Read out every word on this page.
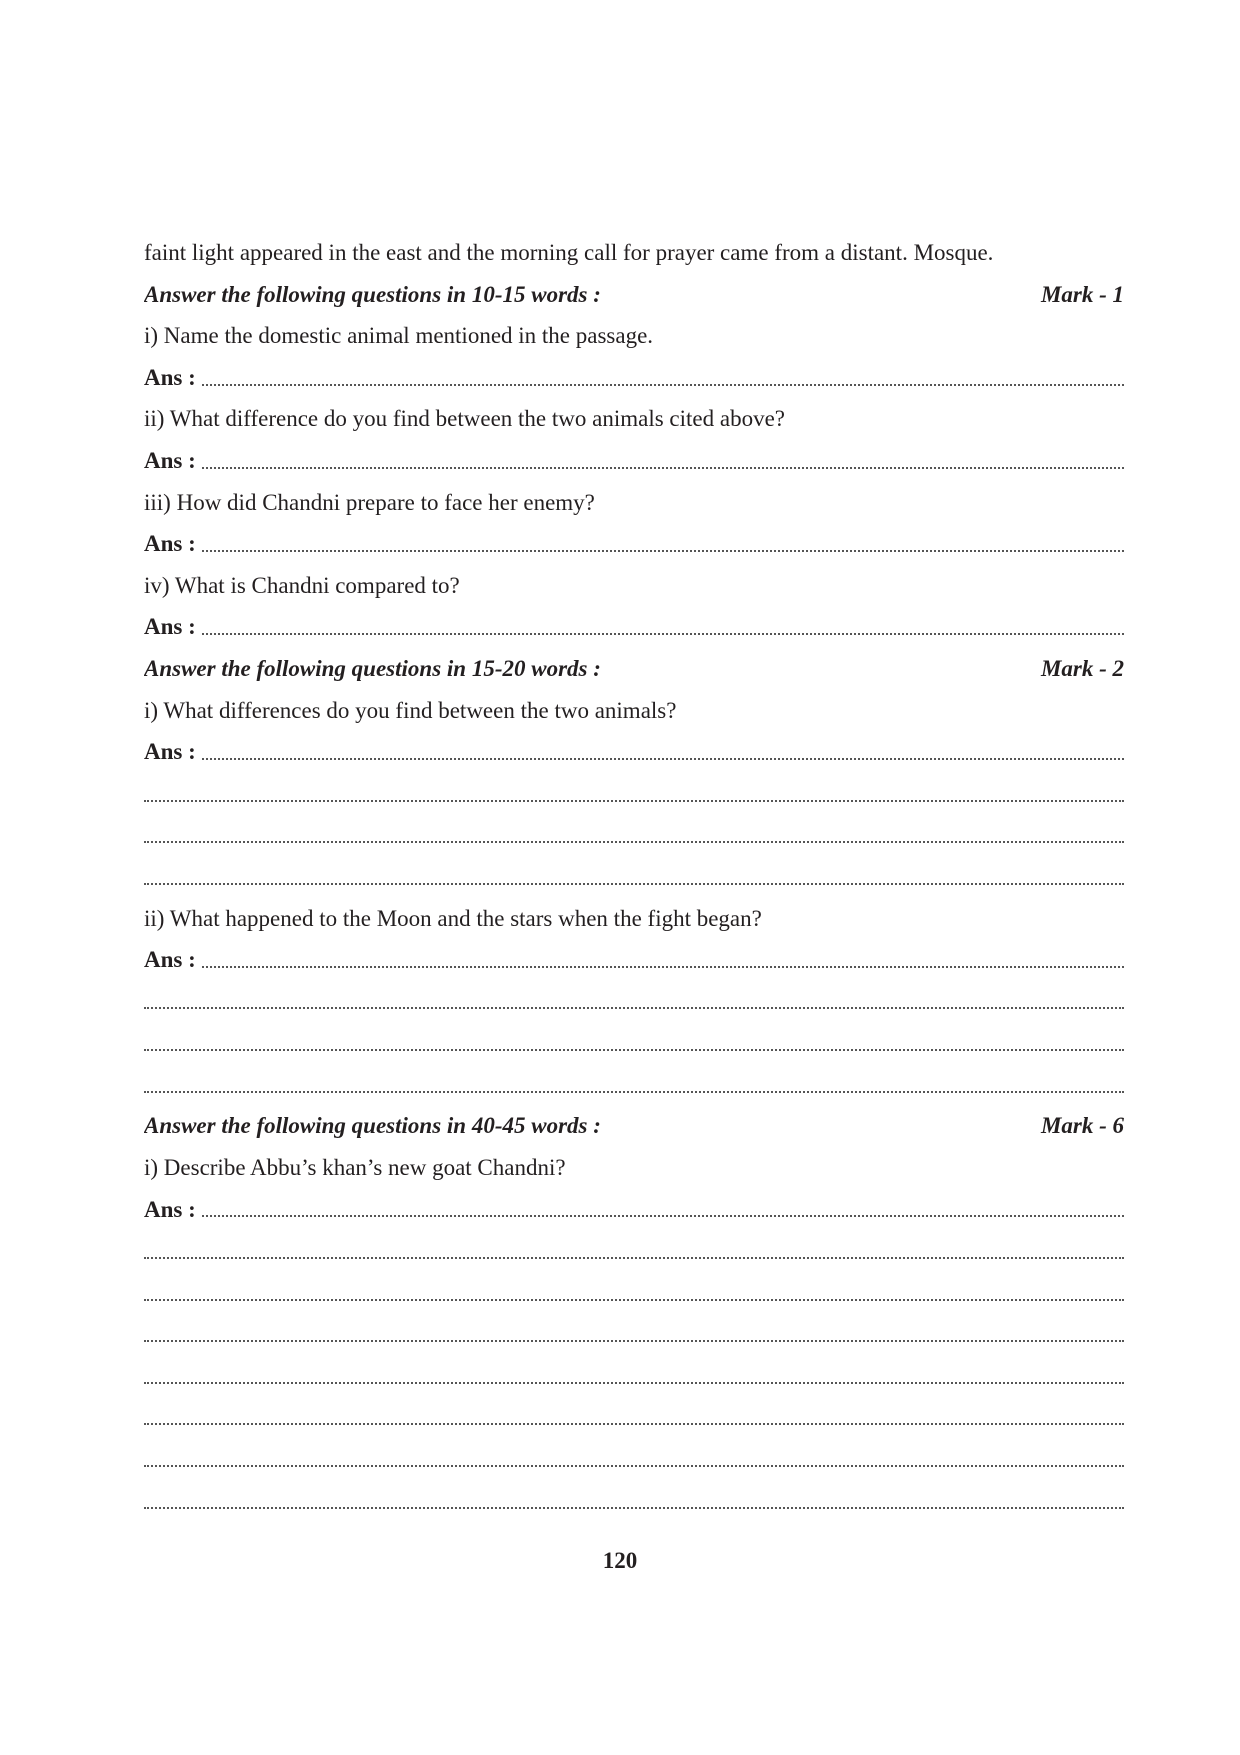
faint light appeared in the east and the morning call for prayer came from a distant. Mosque.
Answer the following questions in 10-15 words :	Mark - 1
i) Name the domestic animal mentioned in the passage.
Ans :
ii) What difference do you find between the two animals cited above?
Ans :
iii) How did Chandni prepare to face her enemy?
Ans :
iv) What is Chandni compared to?
Ans :
Answer the following questions in 15-20 words :	Mark - 2
i) What differences do you find between the two animals?
Ans :
ii) What happened to the Moon and the stars when the fight began?
Ans :
Answer the following questions in 40-45 words :	Mark - 6
i) Describe Abbu’s khan’s new goat Chandni?
Ans :
120
